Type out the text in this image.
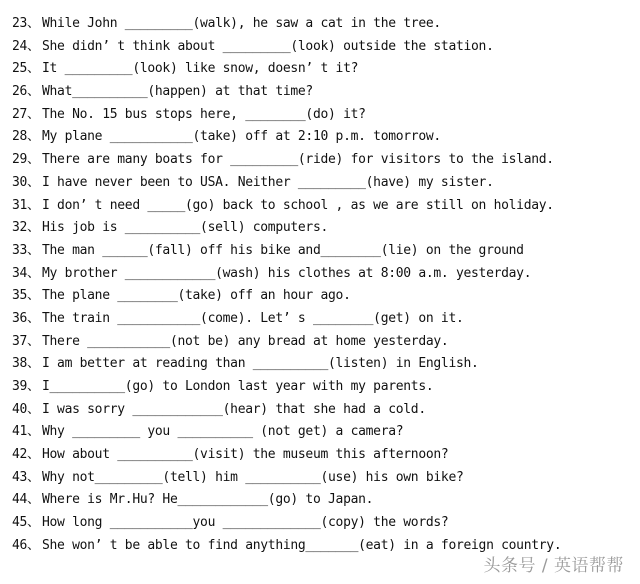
23、 While John _________(walk), he saw a cat in the tree.
24、 She didn’ t think about _________(look) outside the station.
25、 It _________(look) like snow, doesn’ t it?
26、 What__________(happen) at that time?
27、 The No. 15 bus stops here, ________(do) it?
28、 My plane ___________(take) off at 2:10 p.m. tomorrow.
29、 There are many boats for _________(ride) for visitors to the island.
30、 I have never been to USA. Neither _________(have) my sister.
31、 I don’ t need _____(go) back to school , as we are still on holiday.
32、 His job is __________(sell) computers.
33、 The man ______(fall) off his bike and________(lie) on the ground
34、 My brother ____________(wash) his clothes at 8:00 a.m. yesterday.
35、 The plane ________(take) off an hour ago.
36、 The train ___________(come). Let’ s ________(get) on it.
37、 There ___________(not be) any bread at home yesterday.
38、 I am better at reading than __________(listen) in English.
39、 I__________(go) to London last year with my parents.
40、 I was sorry ____________(hear) that she had a cold.
41、 Why _________ you __________ (not get) a camera?
42、 How about __________(visit) the museum this afternoon?
43、 Why not_________(tell) him __________(use) his own bike?
44、 Where is Mr.Hu? He____________(go) to Japan.
45、 How long ___________you _____________(copy) the words?
46、 She won’ t be able to find anything_______(eat) in a foreign country.
头条号 / 英语帮帮
